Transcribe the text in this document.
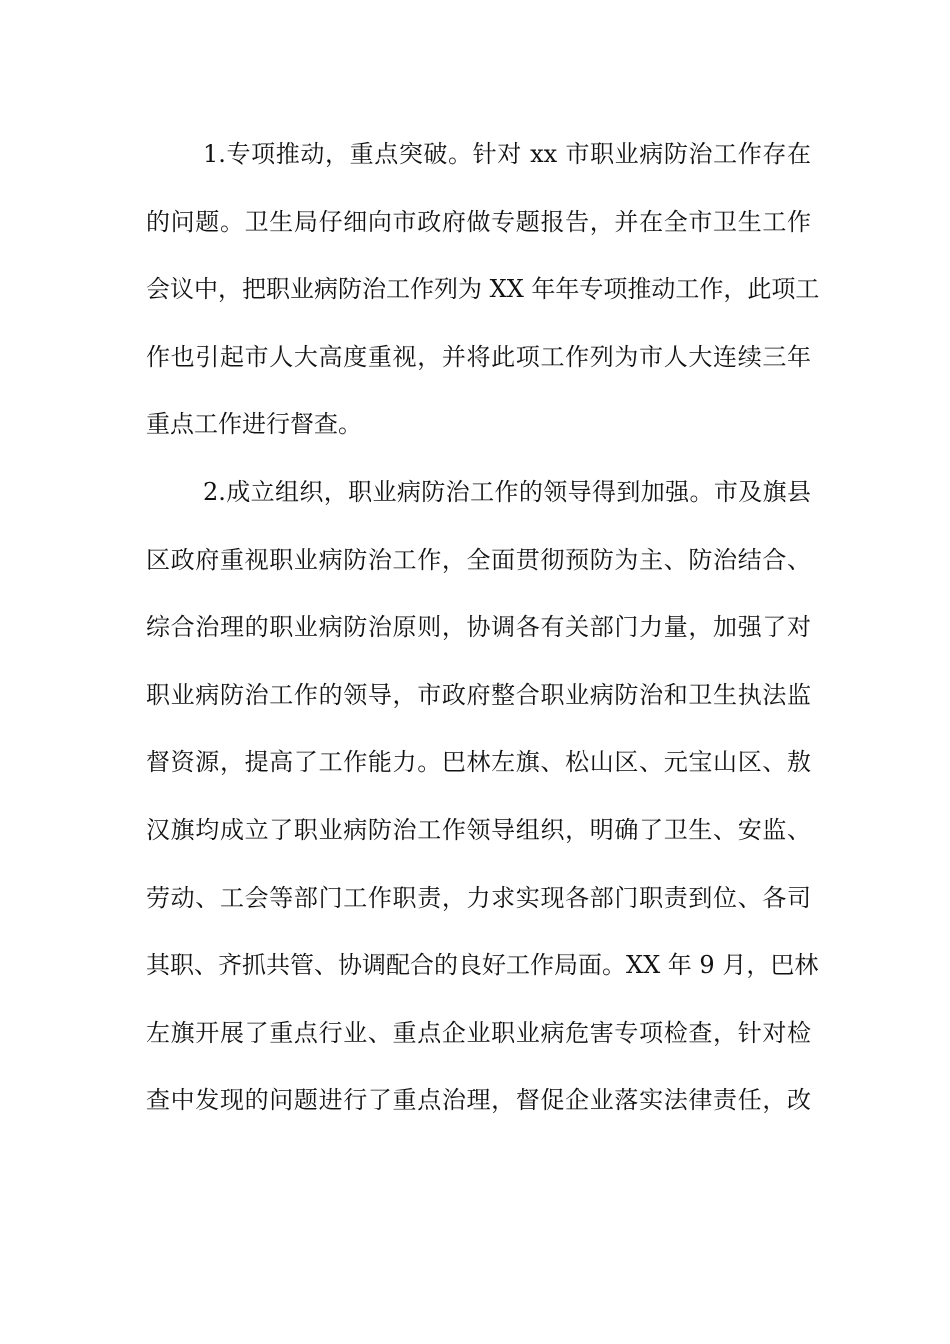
1.专项推动，重点突破。针对 xx 市职业病防治工作存在
的问题。卫生局仔细向市政府做专题报告，并在全市卫生工作
会议中，把职业病防治工作列为 XX 年年专项推动工作，此项工
作也引起市人大高度重视，并将此项工作列为市人大连续三年
重点工作进行督查。
2.成立组织，职业病防治工作的领导得到加强。市及旗县
区政府重视职业病防治工作，全面贯彻预防为主、防治结合、
综合治理的职业病防治原则，协调各有关部门力量，加强了对
职业病防治工作的领导，市政府整合职业病防治和卫生执法监
督资源，提高了工作能力。巴林左旗、松山区、元宝山区、敖
汉旗均成立了职业病防治工作领导组织，明确了卫生、安监、
劳动、工会等部门工作职责，力求实现各部门职责到位、各司
其职、齐抓共管、协调配合的良好工作局面。XX 年 9 月，巴林
左旗开展了重点行业、重点企业职业病危害专项检查，针对检
查中发现的问题进行了重点治理，督促企业落实法律责任，改
